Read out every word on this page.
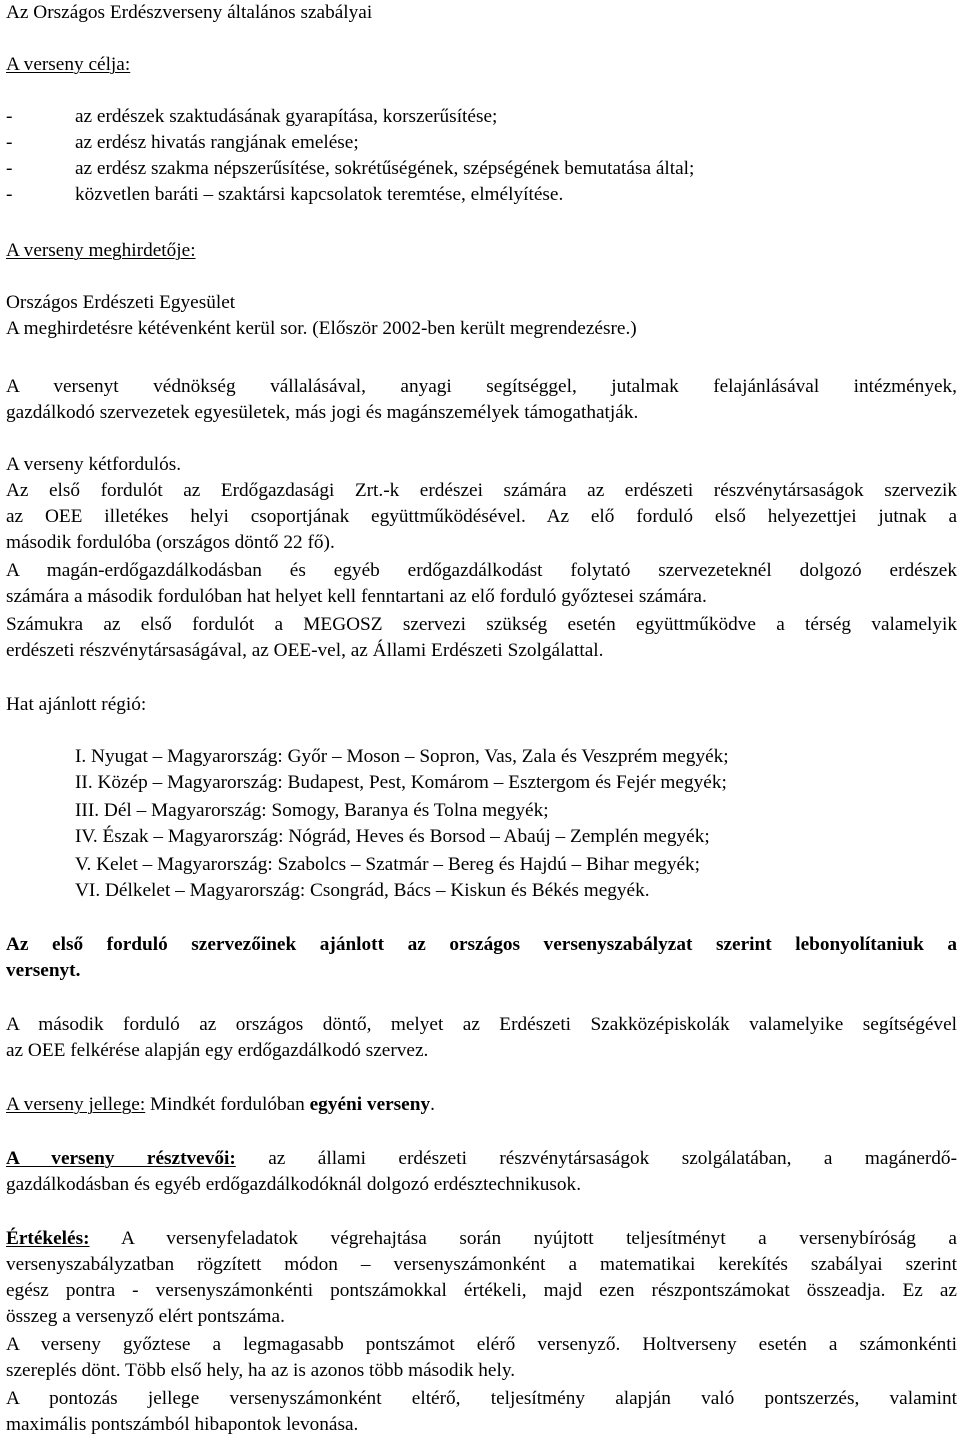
Az Országos Erdészverseny általános szabályai
A verseny célja:
-	az erdészek szaktudásának gyarapítása, korszerűsítése;
-	az erdész hivatás rangjának emelése;
-	az erdész szakma népszerűsítése, sokrétűségének, szépségének bemutatása által;
-	közvetlen baráti – szaktársi kapcsolatok teremtése, elmélyítése.
A verseny meghirdetője:
Országos Erdészeti Egyesület
A meghirdetésre kétévenként kerül sor. (Először 2002-ben került megrendezésre.)
A versenyt védnökség vállalásával, anyagi segítséggel, jutalmak felajánlásával intézmények,
gazdálkodó szervezetek egyesületek, más jogi és magánszemélyek támogathatják.
A verseny kétfordulós.
Az első fordulót az Erdőgazdasági Zrt.-k erdészei számára az erdészeti részvénytársaságok szervezik
az OEE illetékes helyi csoportjának együttműködésével. Az elő forduló első helyezettjei jutnak a
második fordulóba (országos döntő 22 fő).
A magán-erdőgazdálkodásban és egyéb erdőgazdálkodást folytató szervezeteknél dolgozó erdészek
számára a második fordulóban hat helyet kell fenntartani az elő forduló győztesei számára.
Számukra az első fordulót a MEGOSZ szervezi szükség esetén együttműködve a térség valamelyik
erdészeti részvénytársaságával, az OEE-vel, az Állami Erdészeti Szolgálattal.
Hat ajánlott régió:
I. Nyugat – Magyarország: Győr – Moson – Sopron, Vas, Zala és Veszprém megyék;
II. Közép – Magyarország: Budapest, Pest, Komárom – Esztergom és Fejér megyék;
III. Dél – Magyarország: Somogy, Baranya és Tolna megyék;
IV. Észak – Magyarország: Nógrád, Heves és Borsod – Abaúj – Zemplén megyék;
V. Kelet – Magyarország: Szabolcs – Szatmár – Bereg és Hajdú – Bihar megyék;
VI. Délkelet – Magyarország: Csongrád, Bács – Kiskun és Békés megyék.
Az első forduló szervezőinek ajánlott az országos versenyszabályzat szerint lebonyolítaniuk a
versenyt.
A második forduló az országos döntő, melyet az Erdészeti Szakközépiskolák valamelyike segítségével
az OEE felkérése alapján egy erdőgazdálkodó szervez.
A verseny jellege: Mindkét fordulóban egyéni verseny.
A verseny résztvevői: az állami erdészeti részvénytársaságok szolgálatában, a magánerdő-
gazdálkodásban és egyéb erdőgazdálkodóknál dolgozó erdésztechnikusok.
Értékelés: A versenyfeladatok végrehajtása során nyújtott teljesítményt a versenybíróság a
versenyszabályzatban rögzített módon – versenyszámonként a matematikai kerekítés szabályai szerint
egész pontra - versenyszámonkénti pontszámokkal értékeli, majd ezen részpontszámokat összeadja. Ez az
összeg a versenyző elért pontszáma.
A verseny győztese a legmagasabb pontszámot elérő versenyző. Holtverseny esetén a számonkénti
szereplés dönt. Több első hely, ha az is azonos több második hely.
A pontozás jellege versenyszámonként eltérő, teljesítmény alapján való pontszerzés, valamint
maximális pontszámból hibapontok levonása.
